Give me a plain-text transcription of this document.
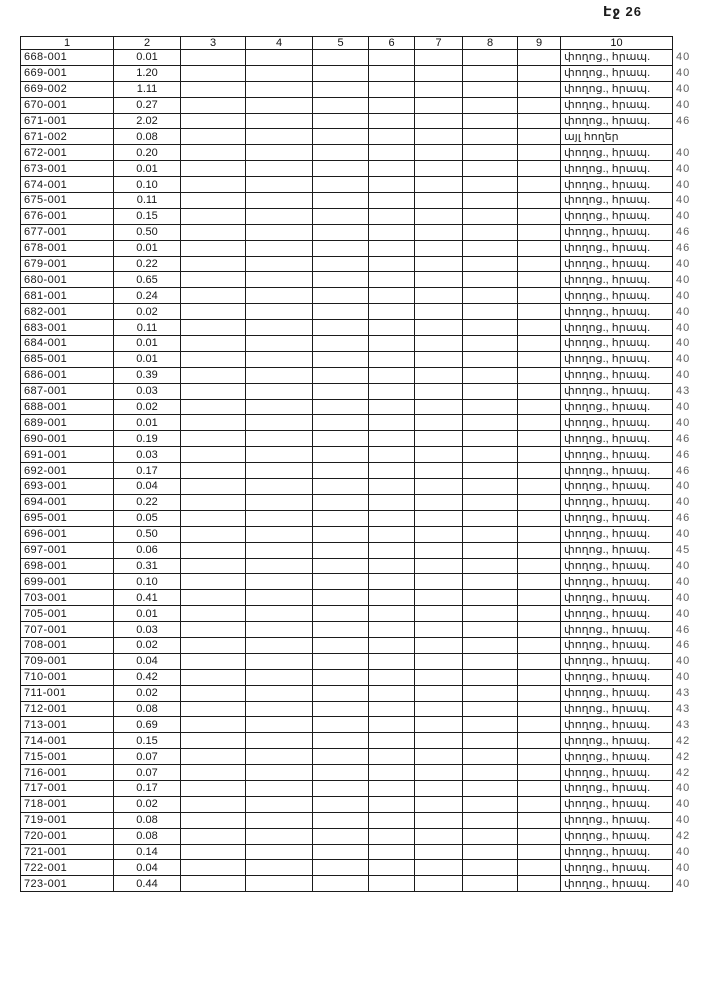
Էջ 26
1	2	3	4	5	6	7	8	9	10	
668-001	0.01								փողոց., հրապ.	40
669-001	1.20								փողոց., հրապ.	40
669-002	1.11								փողոց., հրապ.	40
670-001	0.27								փողոց., հրապ.	40
671-001	2.02								փողոց., հրապ.	46
671-002	0.08								այլ հողեր	
672-001	0.20								փողոց., հրապ.	40
673-001	0.01								փողոց., հրապ.	40
674-001	0.10								փողոց., հրապ.	40
675-001	0.11								փողոց., հրապ.	40
676-001	0.15								փողոց., հրապ.	40
677-001	0.50								փողոց., հրապ.	46
678-001	0.01								փողոց., հրապ.	46
679-001	0.22								փողոց., հրապ.	40
680-001	0.65								փողոց., հրապ.	40
681-001	0.24								փողոց., հրապ.	40
682-001	0.02								փողոց., հրապ.	40
683-001	0.11								փողոց., հրապ.	40
684-001	0.01								փողոց., հրապ.	40
685-001	0.01								փողոց., հրապ.	40
686-001	0.39								փողոց., հրապ.	40
687-001	0.03								փողոց., հրապ.	43
688-001	0.02								փողոց., հրապ.	40
689-001	0.01								փողոց., հրապ.	40
690-001	0.19								փողոց., հրապ.	46
691-001	0.03								փողոց., հրապ.	46
692-001	0.17								փողոց., հրապ.	46
693-001	0.04								փողոց., հրապ.	40
694-001	0.22								փողոց., հրապ.	40
695-001	0.05								փողոց., հրապ.	46
696-001	0.50								փողոց., հրապ.	40
697-001	0.06								փողոց., հրապ.	45
698-001	0.31								փողոց., հրապ.	40
699-001	0.10								փողոց., հրապ.	40
703-001	0.41								փողոց., հրապ.	40
705-001	0.01								փողոց., հրապ.	40
707-001	0.03								փողոց., հրապ.	46
708-001	0.02								փողոց., հրապ.	46
709-001	0.04								փողոց., հրապ.	40
710-001	0.42								փողոց., հրապ.	40
711-001	0.02								փողոց., հրապ.	43
712-001	0.08								փողոց., հրապ.	43
713-001	0.69								փողոց., հրապ.	43
714-001	0.15								փողոց., հրապ.	42
715-001	0.07								փողոց., հրապ.	42
716-001	0.07								փողոց., հրապ.	42
717-001	0.17								փողոց., հրապ.	40
718-001	0.02								փողոց., հրապ.	40
719-001	0.08								փողոց., հրապ.	40
720-001	0.08								փողոց., հրապ.	42
721-001	0.14								փողոց., հրապ.	40
722-001	0.04								փողոց., հրապ.	40
723-001	0.44								փողոց., հրապ.	40
